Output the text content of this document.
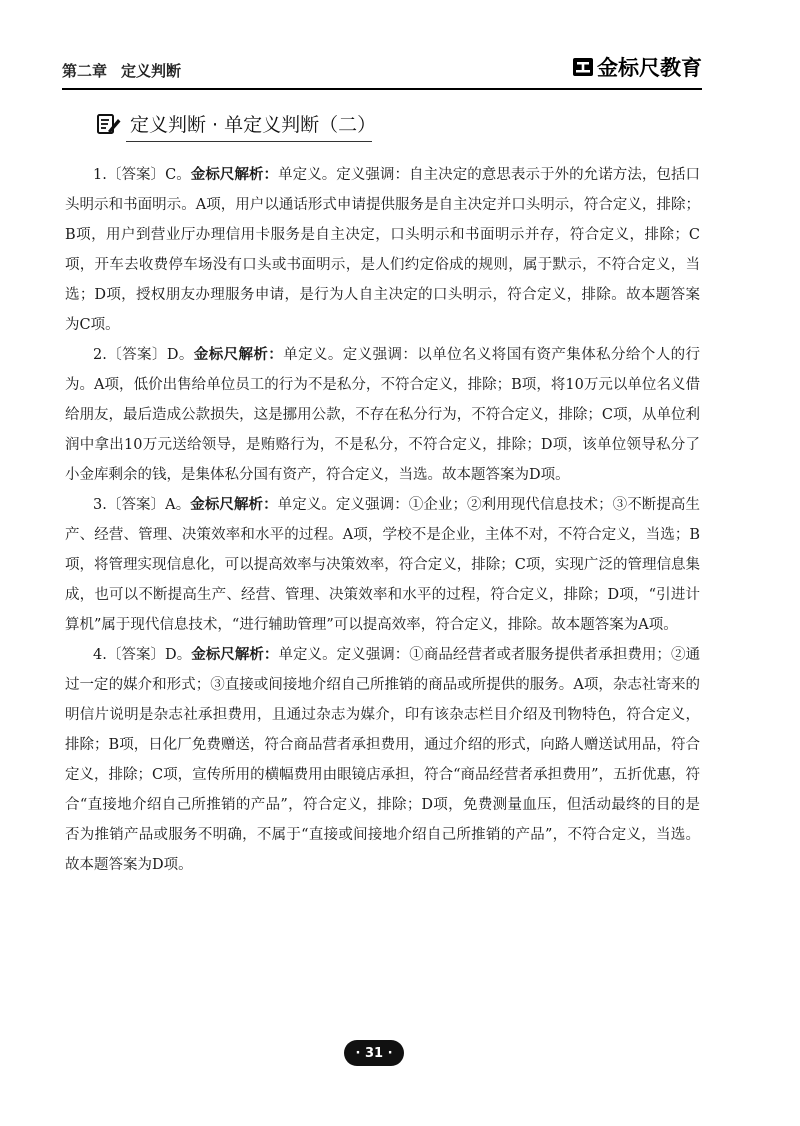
第二章 定义判断	金标尺教育
定义判断 · 单定义判断（二）

1.〔答案〕C。金标尺解析：单定义。定义强调：自主决定的意思表示于外的允诺方法，包括口头明示和书面明示。A项，用户以通话形式申请提供服务是自主决定并口头明示，符合定义，排除；B项，用户到营业厅办理信用卡服务是自主决定，口头明示和书面明示并存，符合定义，排除；C项，开车去收费停车场没有口头或书面明示，是人们约定俗成的规则，属于默示，不符合定义，当选；D项，授权朋友办理服务申请，是行为人自主决定的口头明示，符合定义，排除。故本题答案为C项。

2.〔答案〕D。金标尺解析：单定义。定义强调：以单位名义将国有资产集体私分给个人的行为。A项，低价出售给单位员工的行为不是私分，不符合定义，排除；B项，将10万元以单位名义借给朋友，最后造成公款损失，这是挪用公款，不存在私分行为，不符合定义，排除；C项，从单位利润中拿出10万元送给领导，是贿赂行为，不是私分，不符合定义，排除；D项，该单位领导私分了小金库剩余的钱，是集体私分国有资产，符合定义，当选。故本题答案为D项。

3.〔答案〕A。金标尺解析：单定义。定义强调：①企业；②利用现代信息技术；③不断提高生产、经营、管理、决策效率和水平的过程。A项，学校不是企业，主体不对，不符合定义，当选；B项，将管理实现信息化，可以提高效率与决策效率，符合定义，排除；C项，实现广泛的管理信息集成，也可以不断提高生产、经营、管理、决策效率和水平的过程，符合定义，排除；D项，“引进计算机”属于现代信息技术，“进行辅助管理”可以提高效率，符合定义，排除。故本题答案为A项。

4.〔答案〕D。金标尺解析：单定义。定义强调：①商品经营者或者服务提供者承担费用；②通过一定的媒介和形式；③直接或间接地介绍自己所推销的商品或所提供的服务。A项，杂志社寄来的明信片说明是杂志社承担费用，且通过杂志为媒介，印有该杂志栏目介绍及刊物特色，符合定义，排除；B项，日化厂免费赠送，符合商品营者承担费用，通过介绍的形式，向路人赠送试用品，符合定义，排除；C项，宣传所用的横幅费用由眼镜店承担，符合“商品经营者承担费用”，五折优惠，符合“直接地介绍自己所推销的产品”，符合定义，排除；D项，免费测量血压，但活动最终的目的是否为推销产品或服务不明确，不属于“直接或间接地介绍自己所推销的产品”，不符合定义，当选。故本题答案为D项。

· 31 ·
